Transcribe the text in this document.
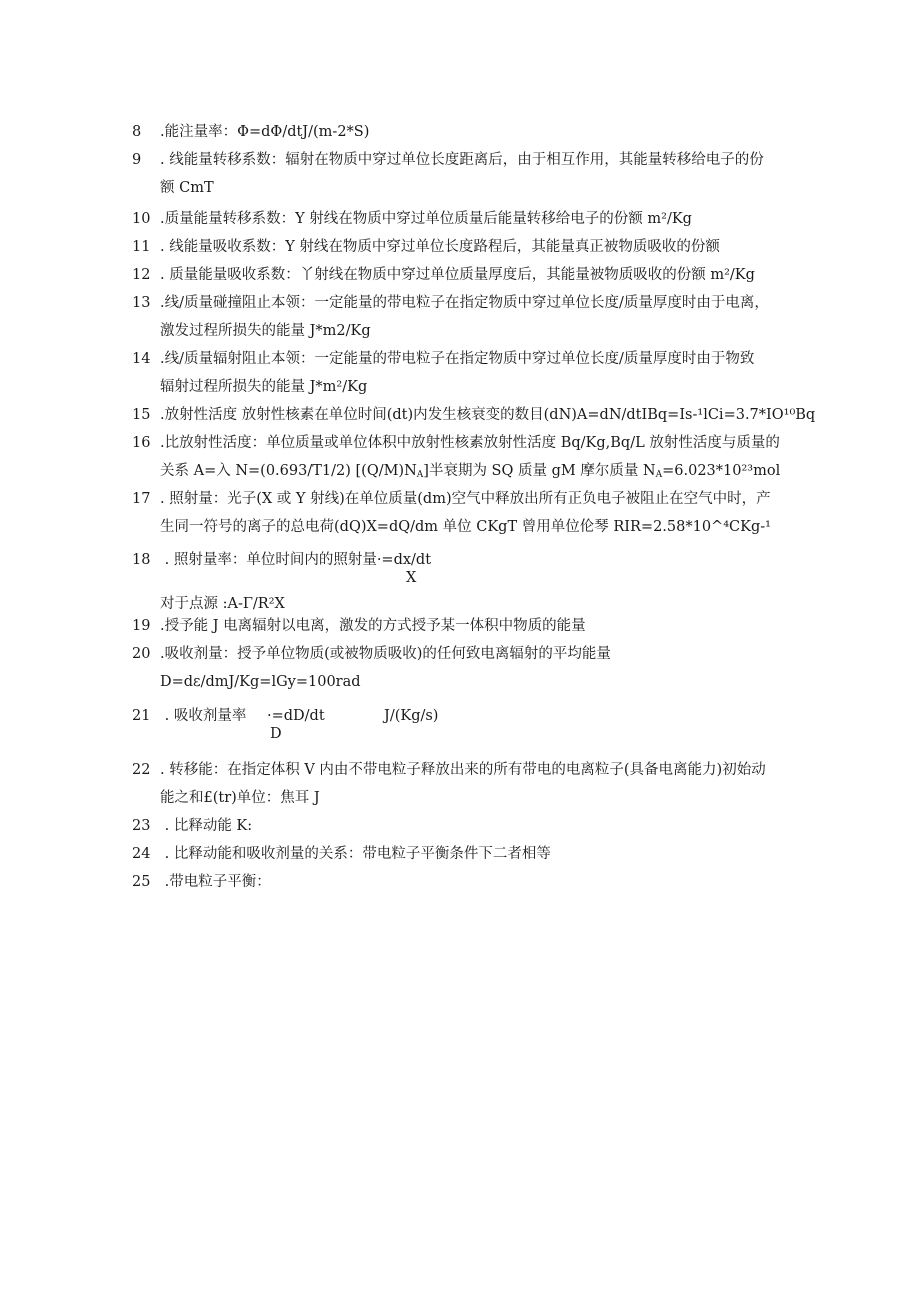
8 .能注量率：Φ=dΦ/dtJ/(m-2*S)
9 . 线能量转移系数：辐射在物质中穿过单位长度距离后，由于相互作用，其能量转移给电子的份
额 CmT
10 .质量能量转移系数：Y 射线在物质中穿过单位质量后能量转移给电子的份额 m²/Kg
11 . 线能量吸收系数：Y 射线在物质中穿过单位长度路程后，其能量真正被物质吸收的份额
12 . 质量能量吸收系数：丫射线在物质中穿过单位质量厚度后，其能量被物质吸收的份额 m²/Kg
13 .线/质量碰撞阻止本领：一定能量的带电粒子在指定物质中穿过单位长度/质量厚度时由于电离，
激发过程所损失的能量 J*m2/Kg
14 .线/质量辐射阻止本领：一定能量的带电粒子在指定物质中穿过单位长度/质量厚度时由于物致
辐射过程所损失的能量 J*m²/Kg
15 .放射性活度 放射性核素在单位时间(dt)内发生核衰变的数目(dN)A=dN/dtIBq=Is-¹lCi=3.7*IO¹⁰Bq
16 .比放射性活度：单位质量或单位体积中放射性核素放射性活度 Bq/Kg,Bq/L 放射性活度与质量的
关系 A=入 N=(0.693/T1/2) $[(Q/M)N_A]$半衰期为 SQ 质量 gM 摩尔质量 $N_A=6.023*10^{23}mol$
17 . 照射量：光子(X 或 Y 射线)在单位质量(dm)空气中释放出所有正负电子被阻止在空气中时，产
生同一符号的离子的总电荷(dQ)X=dQ/dm 单位 CKgT 曾用单位伦琴 RIR=2.58*10^⁴CKg-¹
18 . 照射量率：单位时间内的照射量·=dx/dt
X
对于点源 :A-Γ/R²X
19 .授予能 J 电离辐射以电离，激发的方式授予某一体积中物质的能量
20 .吸收剂量：授予单位物质(或被物质吸收)的任何致电离辐射的平均能量
D=dε/dmJ/Kg=lGy=100rad
21 . 吸收剂量率 ·=dD/dt
D
J/(Kg/s)
22 . 转移能：在指定体积 V 内由不带电粒子释放出来的所有带电的电离粒子(具备电离能力)初始动
能之和£(tr)单位：焦耳 J
23 . 比释动能 K:
24 . 比释动能和吸收剂量的关系：带电粒子平衡条件下二者相等
25 .带电粒子平衡：
